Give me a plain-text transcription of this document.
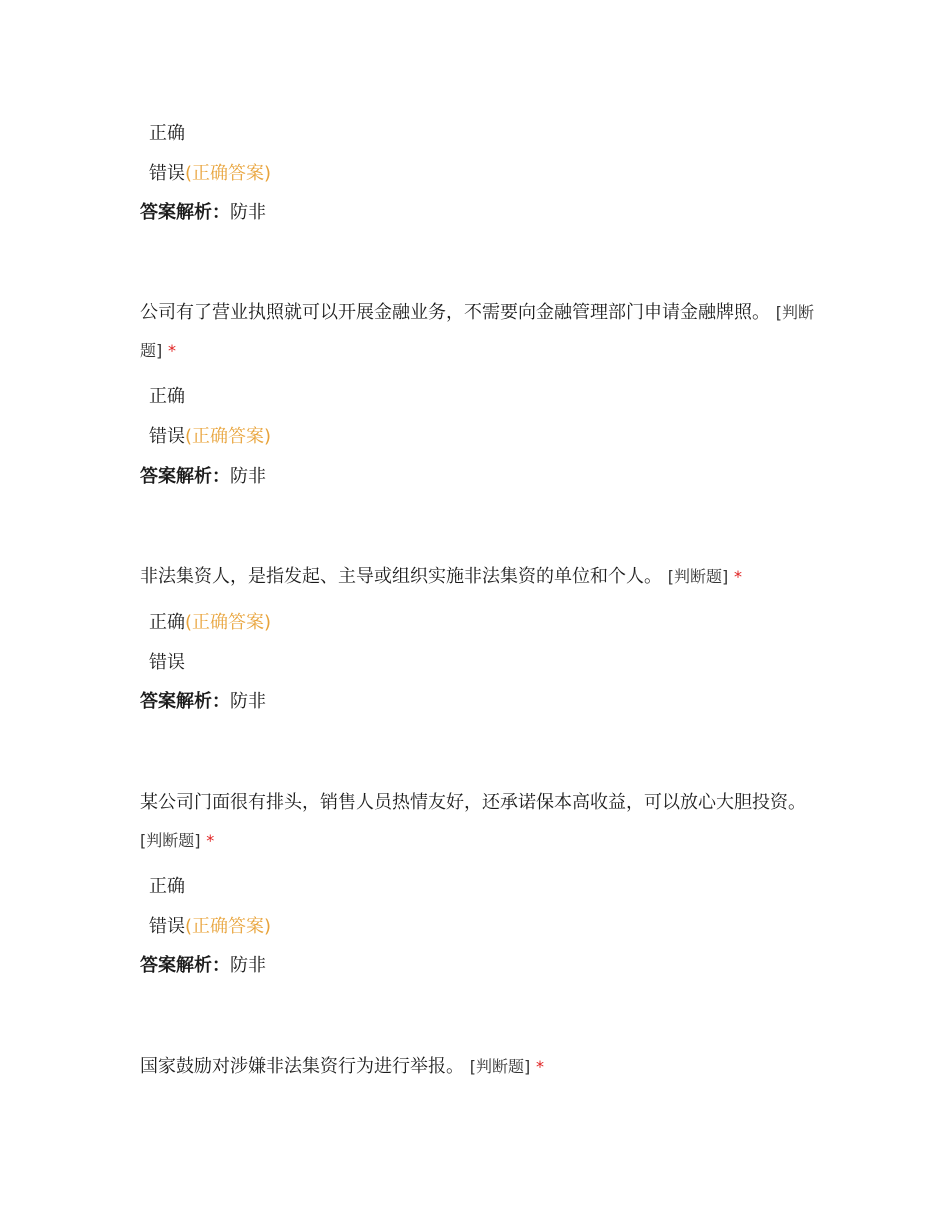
正确
错误(正确答案)
答案解析：防非
公司有了营业执照就可以开展金融业务，不需要向金融管理部门申请金融牌照。 [判断题] *
正确
错误(正确答案)
答案解析：防非
非法集资人，是指发起、主导或组织实施非法集资的单位和个人。 [判断题] *
正确(正确答案)
错误
答案解析：防非
某公司门面很有排头，销售人员热情友好，还承诺保本高收益，可以放心大胆投资。 [判断题] *
正确
错误(正确答案)
答案解析：防非
国家鼓励对涉嫌非法集资行为进行举报。 [判断题] *
